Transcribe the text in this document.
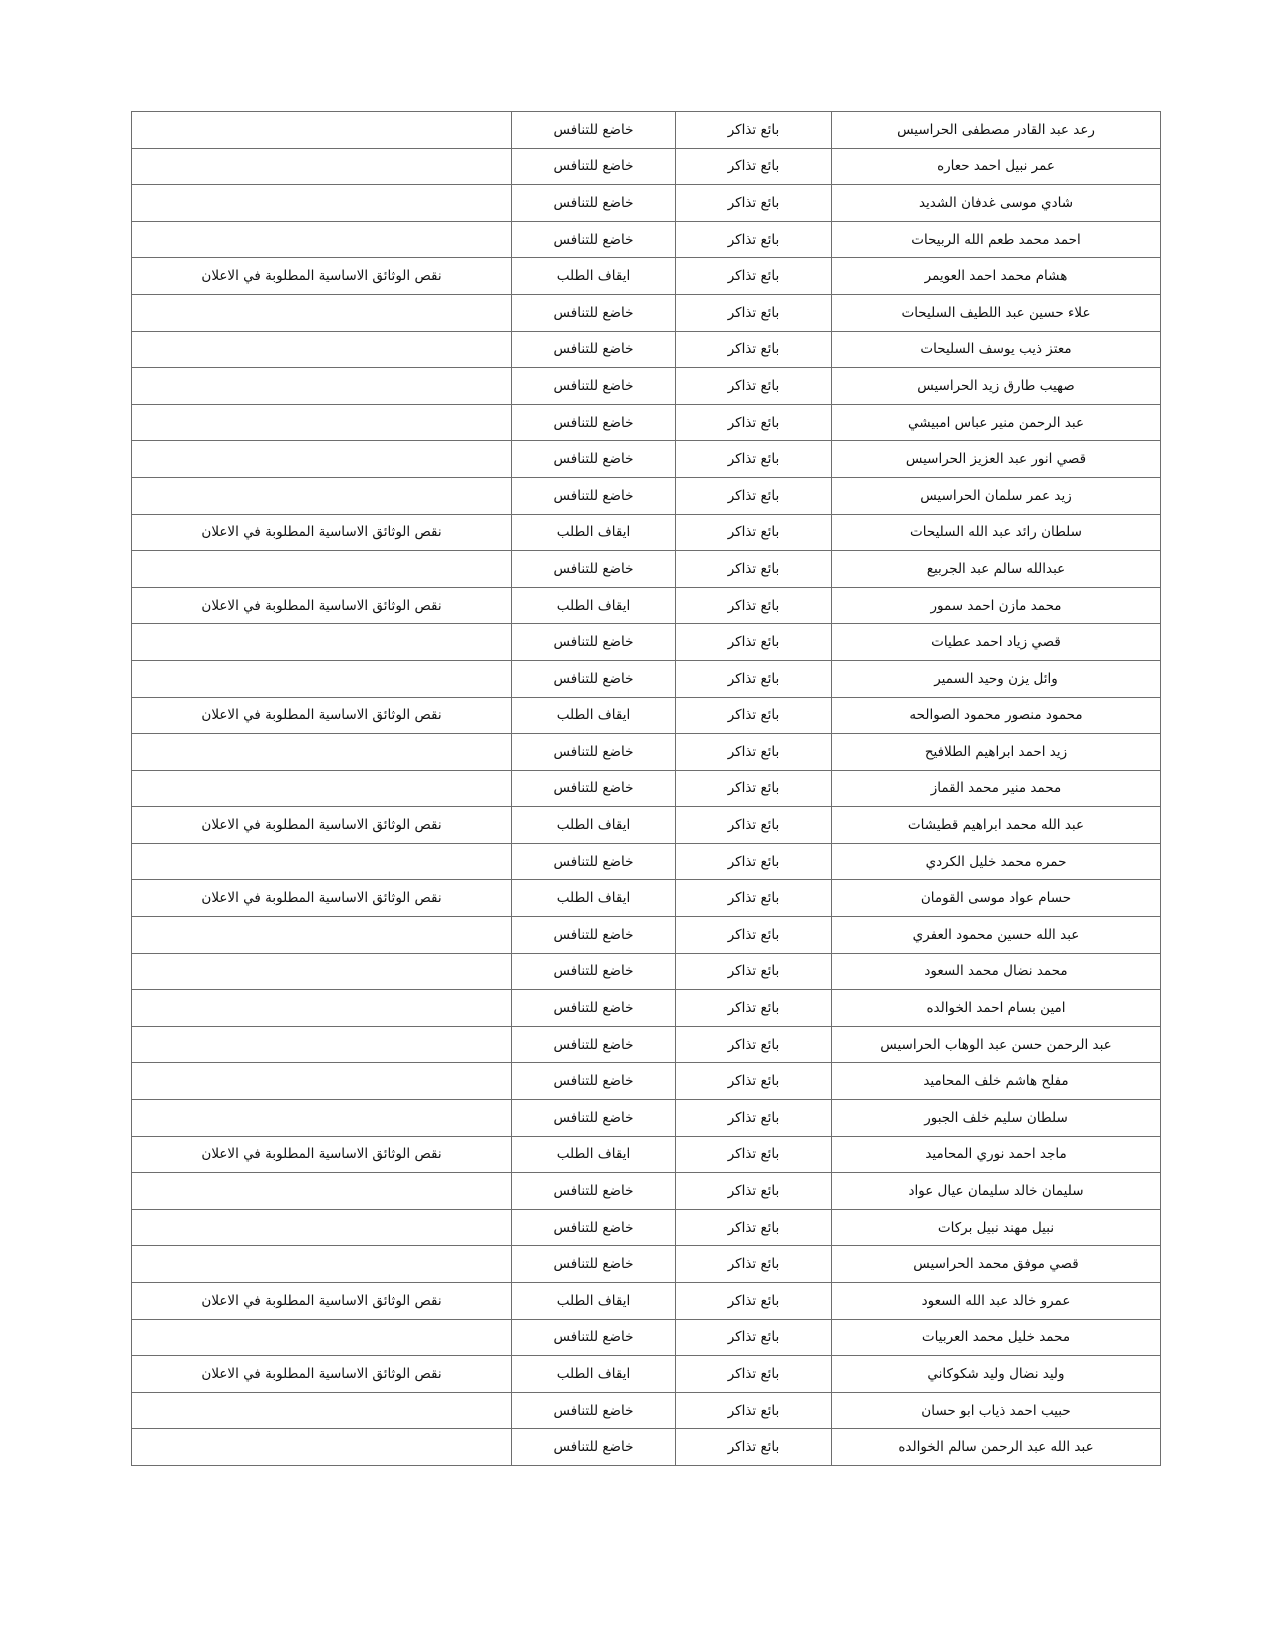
رعد عبد القادر مصطفى الحراسيس	بائع تذاكر	خاضع للتنافس	
عمر نبيل احمد حعاره	بائع تذاكر	خاضع للتنافس	
شادي موسى غدفان الشديد	بائع تذاكر	خاضع للتنافس	
احمد محمد طعم الله الربيحات	بائع تذاكر	خاضع للتنافس	
هشام محمد احمد العويمر	بائع تذاكر	ايقاف الطلب	نقص الوثائق الاساسية المطلوبة في الاعلان
علاء حسين عبد اللطيف السليحات	بائع تذاكر	خاضع للتنافس	
معتز ذيب يوسف السليحات	بائع تذاكر	خاضع للتنافس	
صهيب طارق زيد الحراسيس	بائع تذاكر	خاضع للتنافس	
عبد الرحمن منير عباس امبيشي	بائع تذاكر	خاضع للتنافس	
قصي انور عبد العزيز الحراسيس	بائع تذاكر	خاضع للتنافس	
زيد عمر سلمان الحراسيس	بائع تذاكر	خاضع للتنافس	
سلطان رائد عبد الله السليحات	بائع تذاكر	ايقاف الطلب	نقص الوثائق الاساسية المطلوبة في الاعلان
عبدالله سالم عبد الجربيع	بائع تذاكر	خاضع للتنافس	
محمد مازن احمد سمور	بائع تذاكر	ايقاف الطلب	نقص الوثائق الاساسية المطلوبة في الاعلان
قصي زياد احمد عطيات	بائع تذاكر	خاضع للتنافس	
وائل يزن وحيد السمير	بائع تذاكر	خاضع للتنافس	
محمود منصور محمود الصوالحه	بائع تذاكر	ايقاف الطلب	نقص الوثائق الاساسية المطلوبة في الاعلان
زيد احمد ابراهيم الطلافيح	بائع تذاكر	خاضع للتنافس	
محمد منير محمد القماز	بائع تذاكر	خاضع للتنافس	
عبد الله محمد ابراهيم قطيشات	بائع تذاكر	ايقاف الطلب	نقص الوثائق الاساسية المطلوبة في الاعلان
حمره محمد خليل الكردي	بائع تذاكر	خاضع للتنافس	
حسام عواد موسى القومان	بائع تذاكر	ايقاف الطلب	نقص الوثائق الاساسية المطلوبة في الاعلان
عبد الله حسين محمود العفري	بائع تذاكر	خاضع للتنافس	
محمد نضال محمد السعود	بائع تذاكر	خاضع للتنافس	
امين بسام احمد الخوالده	بائع تذاكر	خاضع للتنافس	
عبد الرحمن حسن عبد الوهاب الحراسيس	بائع تذاكر	خاضع للتنافس	
مفلح هاشم خلف المحاميد	بائع تذاكر	خاضع للتنافس	
سلطان سليم خلف الجبور	بائع تذاكر	خاضع للتنافس	
ماجد احمد نوري المحاميد	بائع تذاكر	ايقاف الطلب	نقص الوثائق الاساسية المطلوبة في الاعلان
سليمان خالد سليمان عيال عواد	بائع تذاكر	خاضع للتنافس	
نبيل مهند نبيل بركات	بائع تذاكر	خاضع للتنافس	
قصي موفق محمد الحراسيس	بائع تذاكر	خاضع للتنافس	
عمرو خالد عبد الله السعود	بائع تذاكر	ايقاف الطلب	نقص الوثائق الاساسية المطلوبة في الاعلان
محمد خليل محمد العربيات	بائع تذاكر	خاضع للتنافس	
وليد نضال وليد شكوكاني	بائع تذاكر	ايقاف الطلب	نقص الوثائق الاساسية المطلوبة في الاعلان
حبيب احمد ذياب ابو حسان	بائع تذاكر	خاضع للتنافس	
عبد الله عبد الرحمن سالم الخوالده	بائع تذاكر	خاضع للتنافس	
